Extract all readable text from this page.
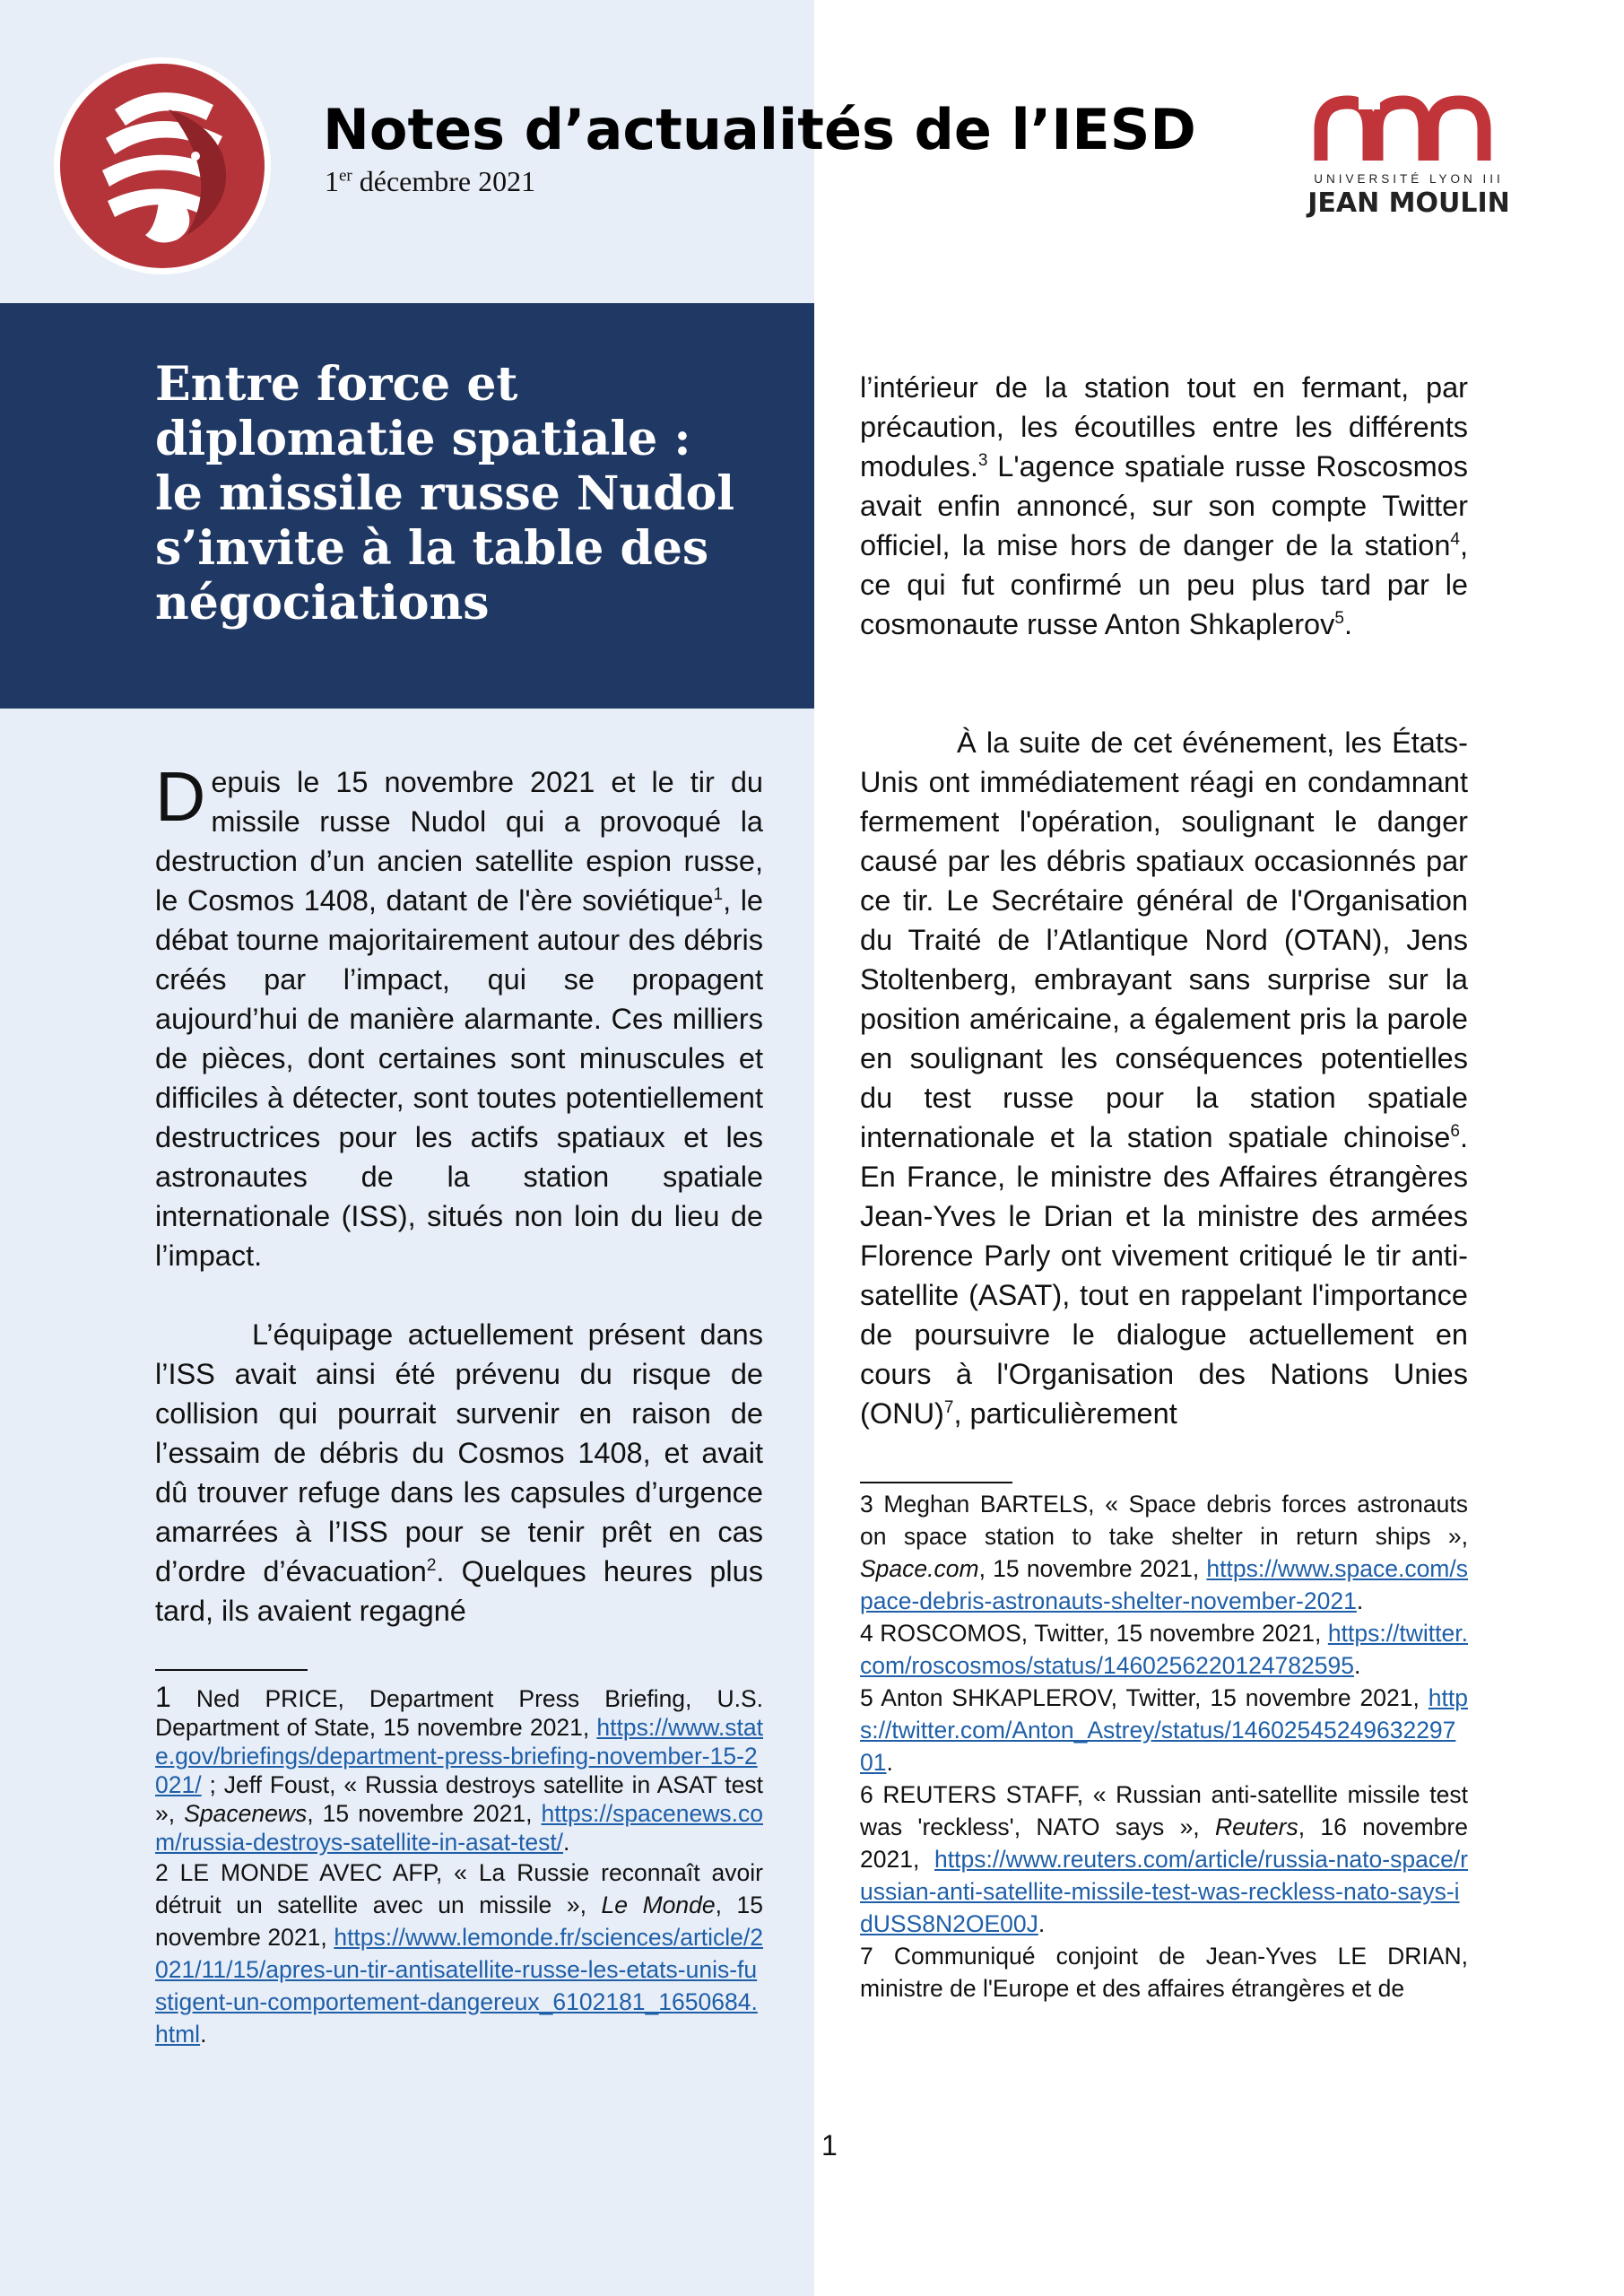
Notes d’actualités de l’IESD
1er décembre 2021	UNIVERSITÉ LYON III
JEAN MOULIN
Entre force et diplomatie spatiale : le missile russe Nudol s’invite à la table des négociations

l’intérieur de la station tout en fermant, par précaution, les écoutilles entre les différents modules.$^3$ L'agence spatiale russe Roscosmos avait enfin annoncé, sur son compte Twitter officiel, la mise hors de danger de la station$^4$, ce qui fut confirmé un peu plus tard par le cosmonaute russe Anton Shkaplerov$^5$.

Depuis le 15 novembre 2021 et le tir du missile russe Nudol qui a provoqué la destruction d’un ancien satellite espion russe, le Cosmos 1408, datant de l'ère soviétique$^1$, le débat tourne majoritairement autour des débris créés par l’impact, qui se propagent aujourd’hui de manière alarmante. Ces milliers de pièces, dont certaines sont minuscules et difficiles à détecter, sont toutes potentiellement destructrices pour les actifs spatiaux et les astronautes de la station spatiale internationale (ISS), situés non loin du lieu de l’impact.

L’équipage actuellement présent dans l’ISS avait ainsi été prévenu du risque de collision qui pourrait survenir en raison de l’essaim de débris du Cosmos 1408, et avait dû trouver refuge dans les capsules d’urgence amarrées à l’ISS pour se tenir prêt en cas d’ordre d’évacuation$^2$. Quelques heures plus tard, ils avaient regagné

À la suite de cet événement, les États-Unis ont immédiatement réagi en condamnant fermement l'opération, soulignant le danger causé par les débris spatiaux occasionnés par ce tir. Le Secrétaire général de l'Organisation du Traité de l’Atlantique Nord (OTAN), Jens Stoltenberg, embrayant sans surprise sur la position américaine, a également pris la parole en soulignant les conséquences potentielles du test russe pour la station spatiale internationale et la station spatiale chinoise$^6$. En France, le ministre des Affaires étrangères Jean-Yves le Drian et la ministre des armées Florence Parly ont vivement critiqué le tir anti-satellite (ASAT), tout en rappelant l'importance de poursuivre le dialogue actuellement en cours à l'Organisation des Nations Unies (ONU)$^7$, particulièrement

1 Ned PRICE, Department Press Briefing, U.S. Department of State, 15 novembre 2021, https://www.state.gov/briefings/department-press-briefing-november-15-2021/ ; Jeff Foust, « Russia destroys satellite in ASAT test », Spacenews, 15 novembre 2021, https://spacenews.com/russia-destroys-satellite-in-asat-test/.

2 LE MONDE AVEC AFP, « La Russie reconnaît avoir détruit un satellite avec un missile », Le Monde, 15 novembre 2021, https://www.lemonde.fr/sciences/article/2021/11/15/apres-un-tir-antisatellite-russe-les-etats-unis-fustigent-un-comportement-dangereux_6102181_1650684.html.

3 Meghan BARTELS, « Space debris forces astronauts on space station to take shelter in return ships », Space.com, 15 novembre 2021, https://www.space.com/space-debris-astronauts-shelter-november-2021.

4 ROSCOMOS, Twitter, 15 novembre 2021, https://twitter.com/roscosmos/status/1460256220124782595.

5 Anton SHKAPLEROV, Twitter, 15 novembre 2021, https://twitter.com/Anton_Astrey/status/1460254524963229701.

6 REUTERS STAFF, « Russian anti-satellite missile test was 'reckless', NATO says », Reuters, 16 novembre 2021, https://www.reuters.com/article/russia-nato-space/russian-anti-satellite-missile-test-was-reckless-nato-says-idUSS8N2OE00J.

7 Communiqué conjoint de Jean-Yves LE DRIAN, ministre de l'Europe et des affaires étrangères et de

1
